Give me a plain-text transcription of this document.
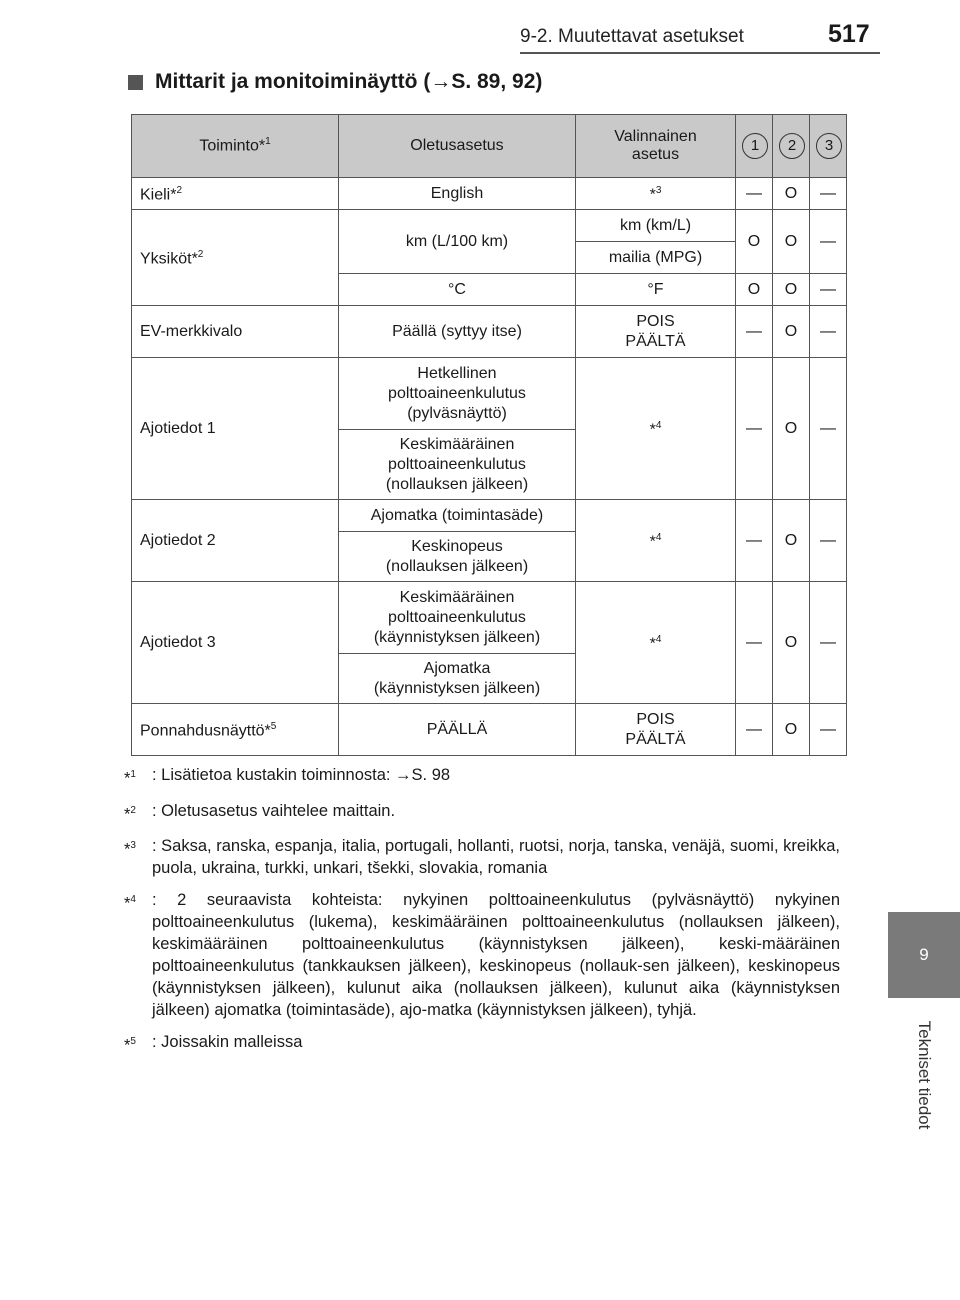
9-2. Muutettavat asetukset	517
9
Tekniset tiedot
Mittarit ja monitoiminäyttö (→S. 89, 92)
Toiminto*$^1$	Oletusasetus	Valinnainen
asetus	1	2	3
Kieli*$^2$	English	*$^3$	—	O	—
Yksiköt*$^2$	km (L/100 km)	km (km/L)	O	O	—
		mailia (MPG)			
	°C	°F	O	O	—
EV-merkkivalo	Päällä (syttyy itse)	POIS
PÄÄLTÄ	—	O	—
Ajotiedot 1	Hetkellinen
polttoaineenkulutus
(pylväsnäyttö)	*$^4$	—	O	—
	Keskimääräinen
polttoaineenkulutus
(nollauksen jälkeen)				
Ajotiedot 2	Ajomatka (toimintasäde)	*$^4$	—	O	—
	Keskinopeus
(nollauksen jälkeen)				
Ajotiedot 3	Keskimääräinen
polttoaineenkulutus
(käynnistyksen jälkeen)	*$^4$	—	O	—
	Ajomatka
(käynnistyksen jälkeen)				
Ponnahdusnäyttö*$^5$	PÄÄLLÄ	POIS
PÄÄLTÄ	—	O	—
*$^1$ : Lisätietoa kustakin toiminnosta: →S. 98
*$^2$ : Oletusasetus vaihtelee maittain.
*$^3$ : Saksa, ranska, espanja, italia, portugali, hollanti, ruotsi, norja, tanska, venäjä, suomi, kreikka, puola, ukraina, turkki, unkari, tšekki, slovakia, romania
*$^4$ : 2 seuraavista kohteista: nykyinen polttoaineenkulutus (pylväsnäyttö) nykyinen polttoaineenkulutus (lukema), keskimääräinen polttoaineenkulutus (nollauksen jälkeen), keskimääräinen polttoaineenkulutus (käynnistyksen jälkeen), keski-määräinen polttoaineenkulutus (tankkauksen jälkeen), keskinopeus (nollauk-sen jälkeen), keskinopeus (käynnistyksen jälkeen), kulunut aika (nollauksen jälkeen), kulunut aika (käynnistyksen jälkeen) ajomatka (toimintasäde), ajo-matka (käynnistyksen jälkeen), tyhjä.
*$^5$ : Joissakin malleissa
